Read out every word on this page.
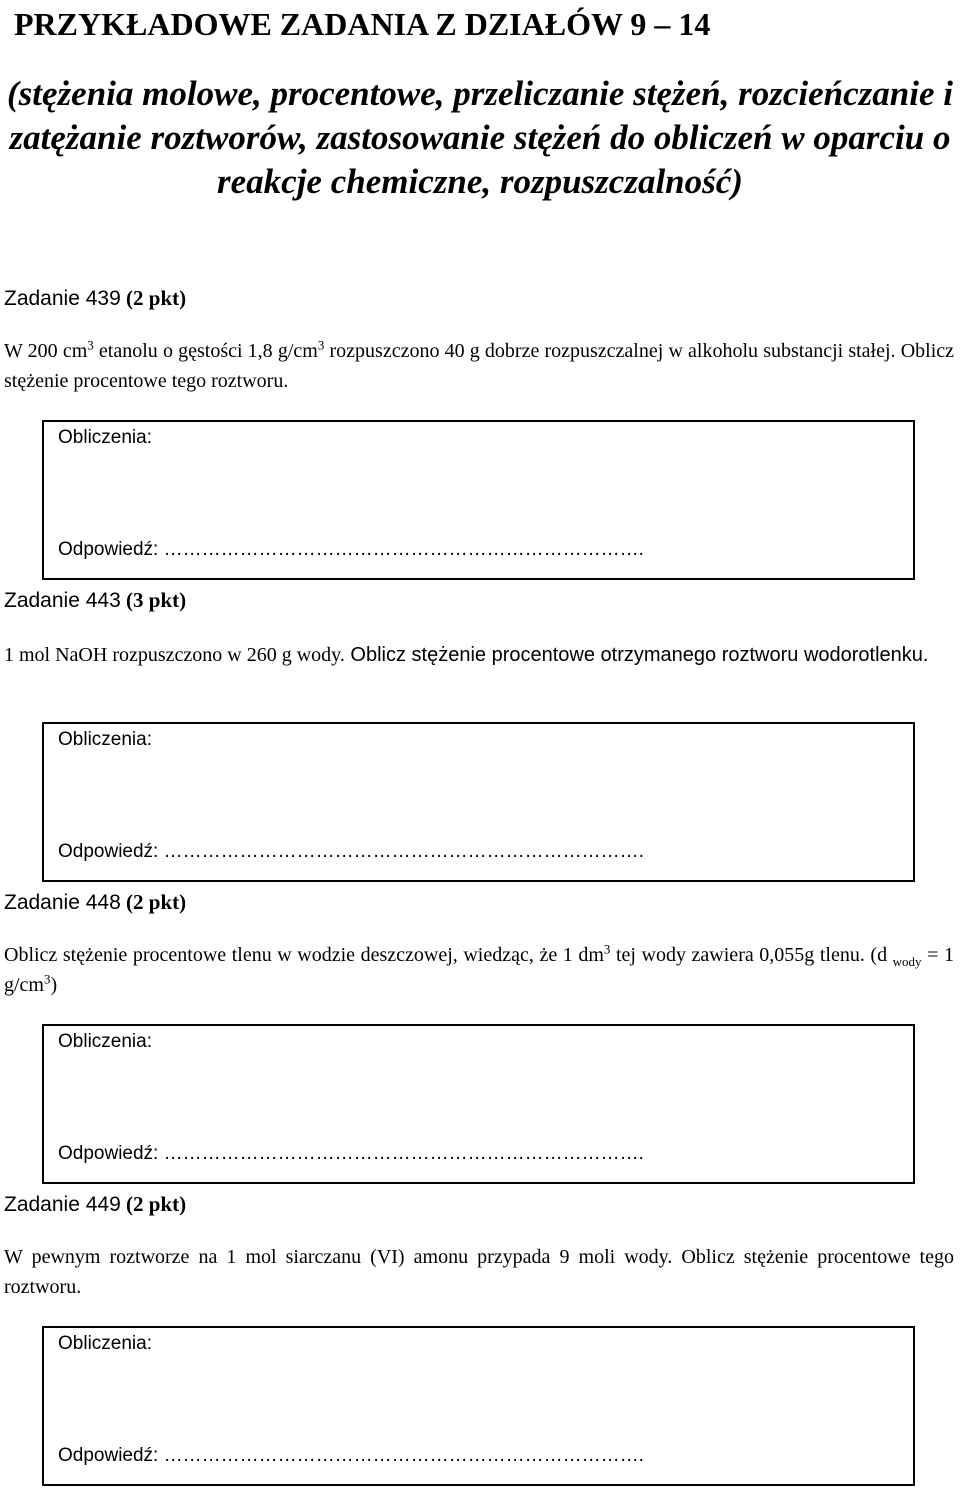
PRZYKŁADOWE ZADANIA Z DZIAŁÓW 9 – 14
(stężenia molowe, procentowe, przeliczanie stężeń, rozcieńczanie i zatężanie roztworów, zastosowanie stężeń do obliczeń w oparciu o reakcje chemiczne, rozpuszczalność)
Zadanie 439 (2 pkt)

W 200 $cm^3$ etanolu o gęstości 1,8 $g/cm^3$ rozpuszczono 40 g dobrze rozpuszczalnej w alkoholu substancji stałej. Oblicz stężenie procentowe tego roztworu.

Obliczenia:
Odpowiedź: ………………………………………………………………….
Zadanie 443 (3 pkt)

1 mol NaOH rozpuszczono w 260 g wody. Oblicz stężenie procentowe otrzymanego roztworu wodorotlenku.

Obliczenia:
Odpowiedź: ………………………………………………………………….
Zadanie 448 (2 pkt)

Oblicz stężenie procentowe tlenu w wodzie deszczowej, wiedząc, że 1 $dm^3$ tej wody zawiera 0,055g tlenu. (d $_{wody}$ = 1 $g/cm^3$)

Obliczenia:
Odpowiedź: ………………………………………………………………….
Zadanie 449 (2 pkt)

W pewnym roztworze na 1 mol siarczanu (VI) amonu przypada 9 moli wody. Oblicz stężenie procentowe tego roztworu.

Obliczenia:
Odpowiedź: ………………………………………………………………….
